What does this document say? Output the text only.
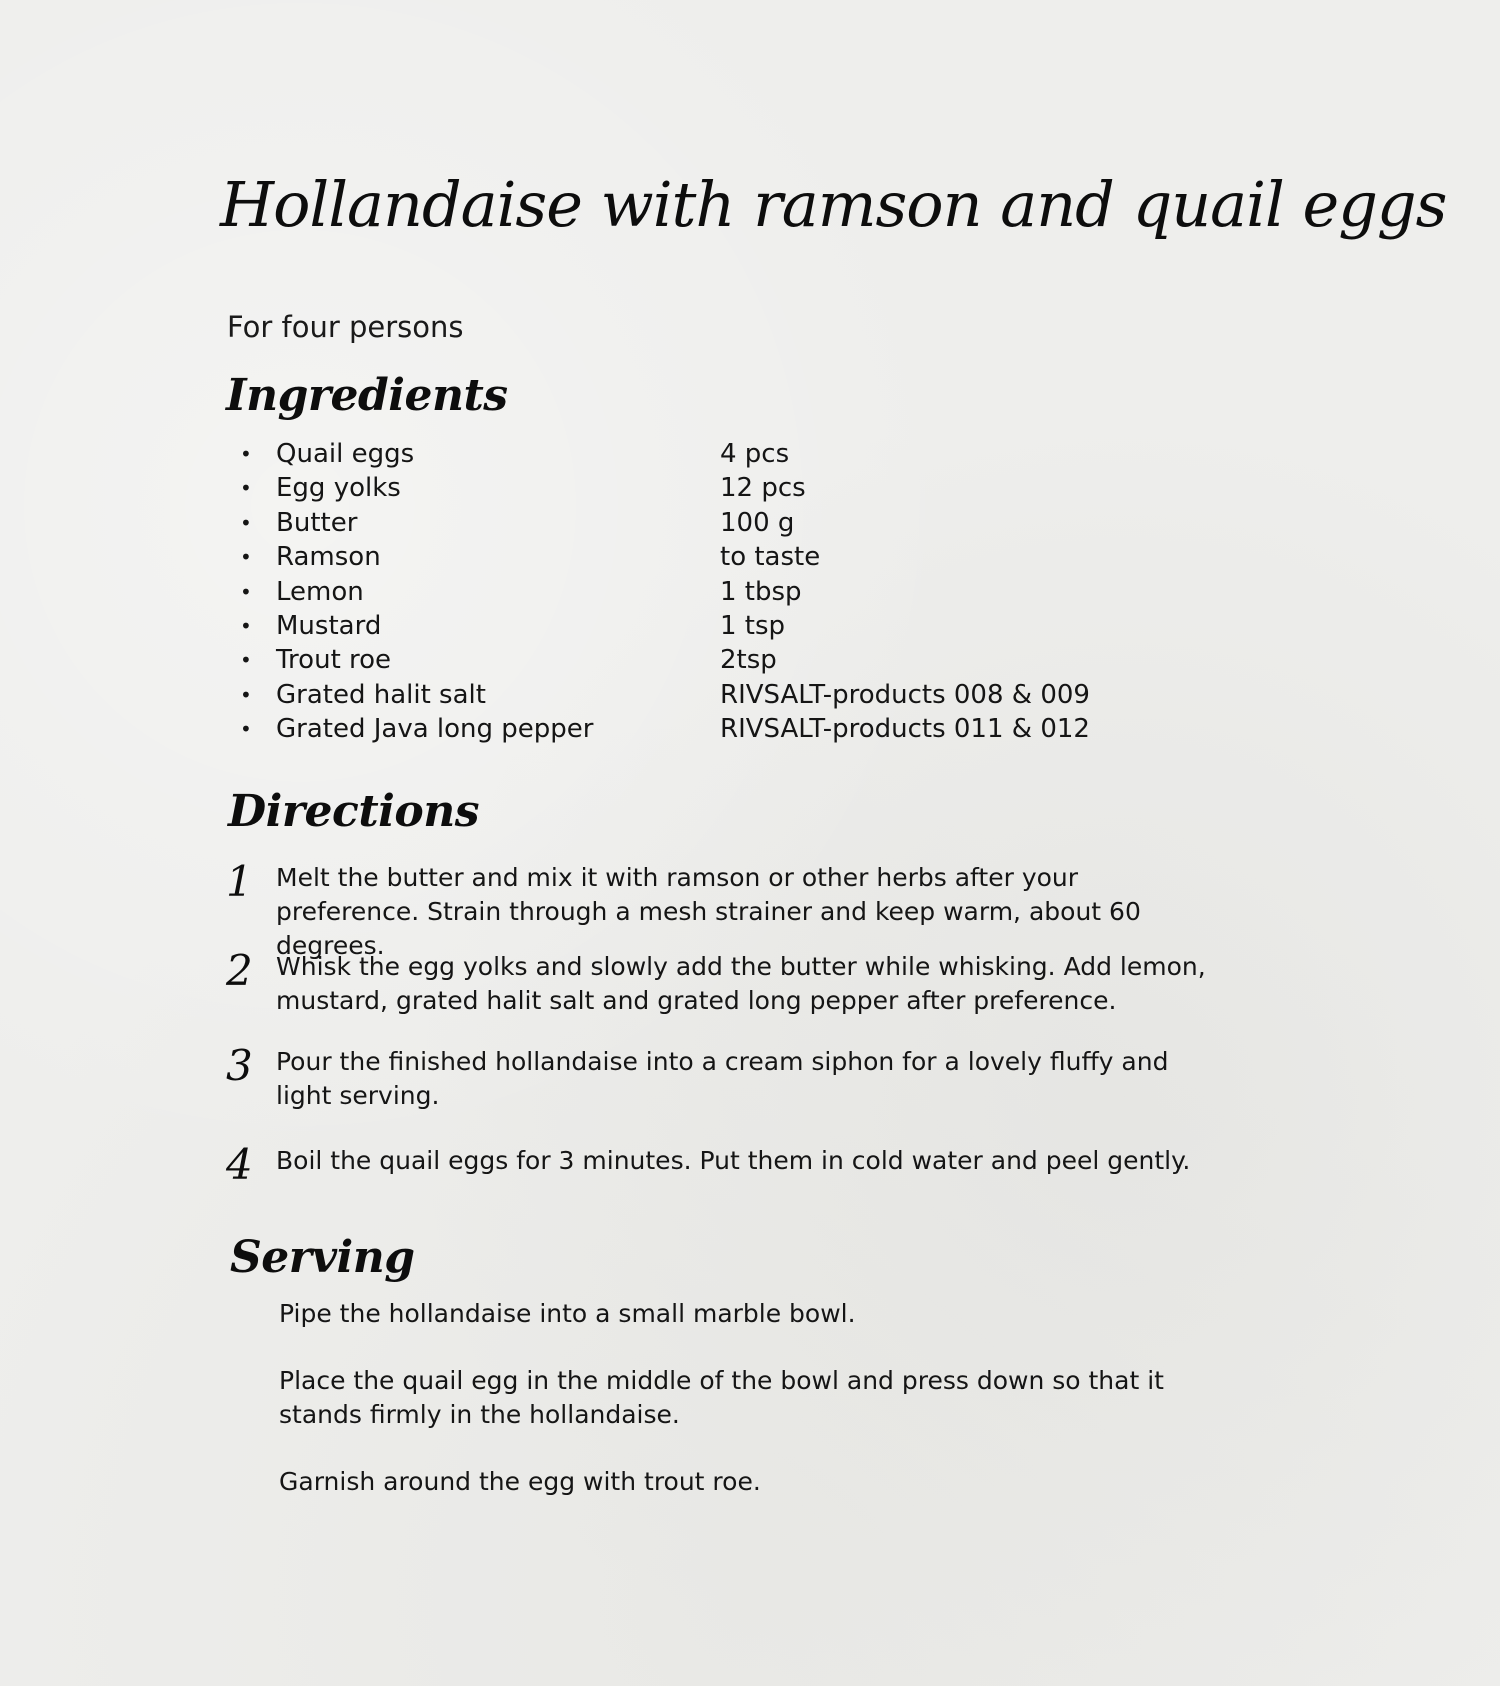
Hollandaise with ramson and quail eggs

For four persons

Ingredients
• Quail eggs	4 pcs
• Egg yolks	12 pcs
• Butter	100 g
• Ramson	to taste
• Lemon	1 tbsp
• Mustard	1 tsp
• Trout roe	2tsp
• Grated halit salt	RIVSALT-products 008 & 009
• Grated Java long pepper	RIVSALT-products 011 & 012
Directions
1 Melt the butter and mix it with ramson or other herbs after your preference. Strain through a mesh strainer and keep warm, about 60 degrees.

2 Whisk the egg yolks and slowly add the butter while whisking. Add lemon, mustard, grated halit salt and grated long pepper after preference.

3 Pour the finished hollandaise into a cream siphon for a lovely fluffy and light serving.

4 Boil the quail eggs for 3 minutes. Put them in cold water and peel gently.

Serving

Pipe the hollandaise into a small marble bowl.

Place the quail egg in the middle of the bowl and press down so that it stands firmly in the hollandaise.

Garnish around the egg with trout roe.
